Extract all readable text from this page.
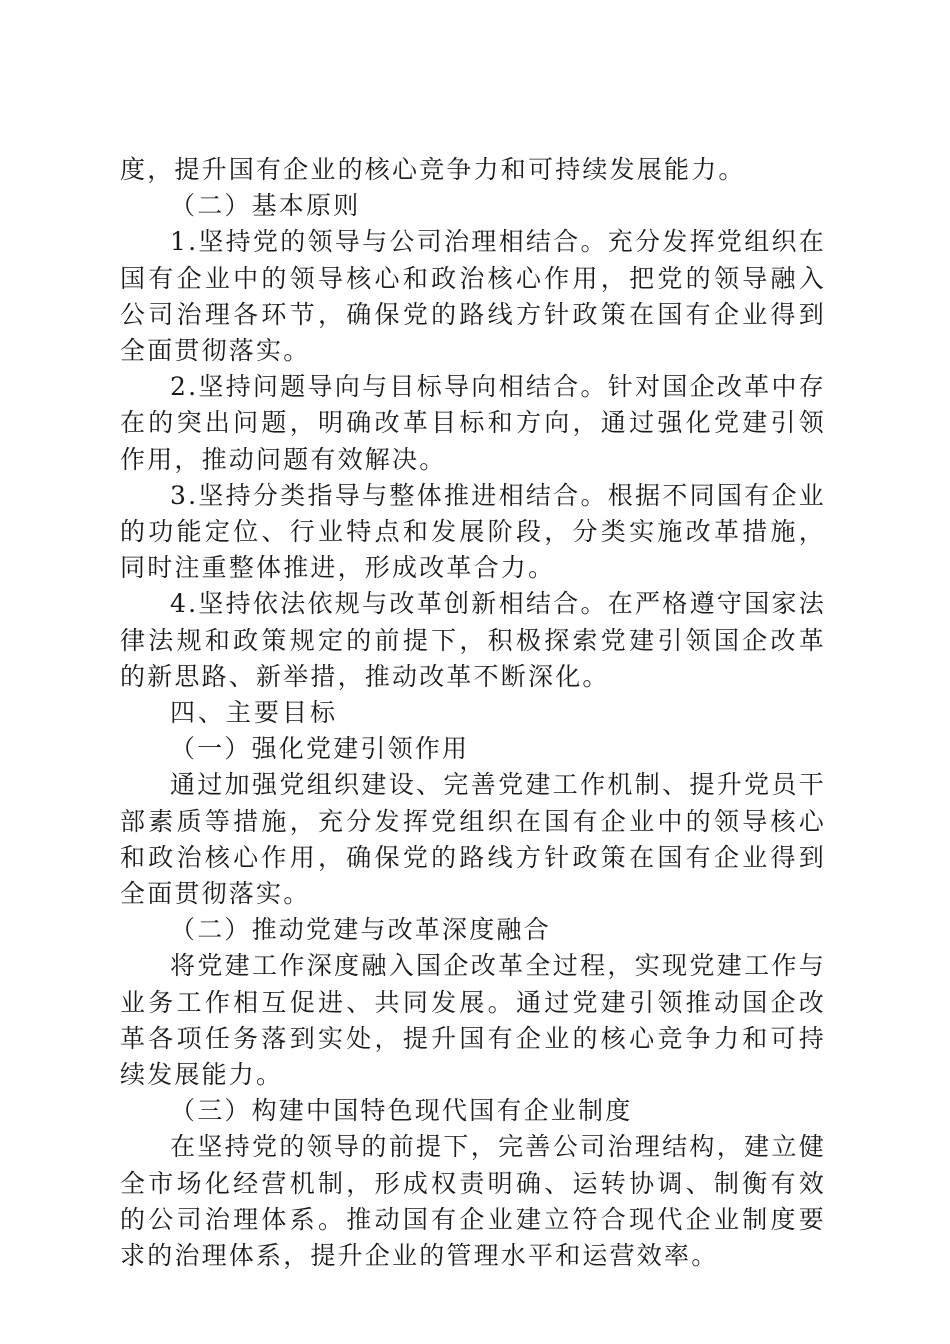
度，提升国有企业的核心竞争力和可持续发展能力。

（二）基本原则

1.坚持党的领导与公司治理相结合。充分发挥党组织在国有企业中的领导核心和政治核心作用，把党的领导融入公司治理各环节，确保党的路线方针政策在国有企业得到全面贯彻落实。

2.坚持问题导向与目标导向相结合。针对国企改革中存在的突出问题，明确改革目标和方向，通过强化党建引领作用，推动问题有效解决。

3.坚持分类指导与整体推进相结合。根据不同国有企业的功能定位、行业特点和发展阶段，分类实施改革措施，同时注重整体推进，形成改革合力。

4.坚持依法依规与改革创新相结合。在严格遵守国家法律法规和政策规定的前提下，积极探索党建引领国企改革的新思路、新举措，推动改革不断深化。

四、主要目标

（一）强化党建引领作用

通过加强党组织建设、完善党建工作机制、提升党员干部素质等措施，充分发挥党组织在国有企业中的领导核心和政治核心作用，确保党的路线方针政策在国有企业得到全面贯彻落实。

（二）推动党建与改革深度融合

将党建工作深度融入国企改革全过程，实现党建工作与业务工作相互促进、共同发展。通过党建引领推动国企改革各项任务落到实处，提升国有企业的核心竞争力和可持续发展能力。

（三）构建中国特色现代国有企业制度

在坚持党的领导的前提下，完善公司治理结构，建立健全市场化经营机制，形成权责明确、运转协调、制衡有效的公司治理体系。推动国有企业建立符合现代企业制度要求的治理体系，提升企业的管理水平和运营效率。
